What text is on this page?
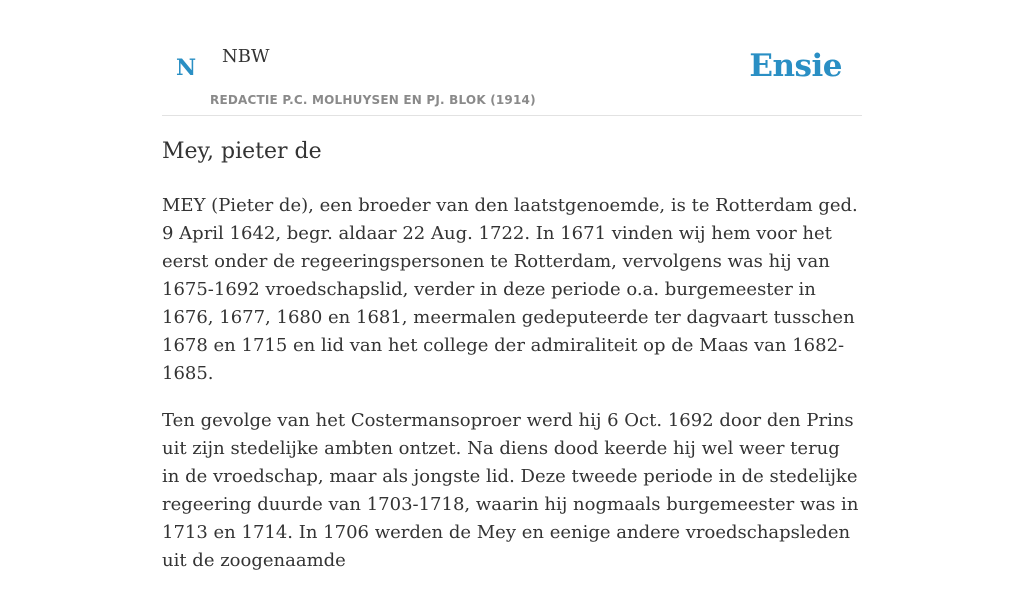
N NBW
REDACTIE P.C. MOLHUYSEN EN PJ. BLOK (1914)
Ensie
Mey, pieter de

MEY (Pieter de), een broeder van den laatstgenoemde, is te Rotterdam ged. 9 April 1642, begr. aldaar 22 Aug. 1722. In 1671 vinden wij hem voor het eerst onder de regeeringspersonen te Rotterdam, vervolgens was hij van 1675-1692 vroedschapslid, verder in deze periode o.a. burgemeester in 1676, 1677, 1680 en 1681, meermalen gedeputeerde ter dagvaart tusschen 1678 en 1715 en lid van het college der admiraliteit op de Maas van 1682-1685.

Ten gevolge van het Costermansoproer werd hij 6 Oct. 1692 door den Prins uit zijn stedelijke ambten ontzet. Na diens dood keerde hij wel weer terug in de vroedschap, maar als jongste lid. Deze tweede periode in de stedelijke regeering duurde van 1703-1718, waarin hij nogmaals burgemeester was in 1713 en 1714. In 1706 werden de Mey en eenige andere vroedschapsleden uit de zoogenaamde
